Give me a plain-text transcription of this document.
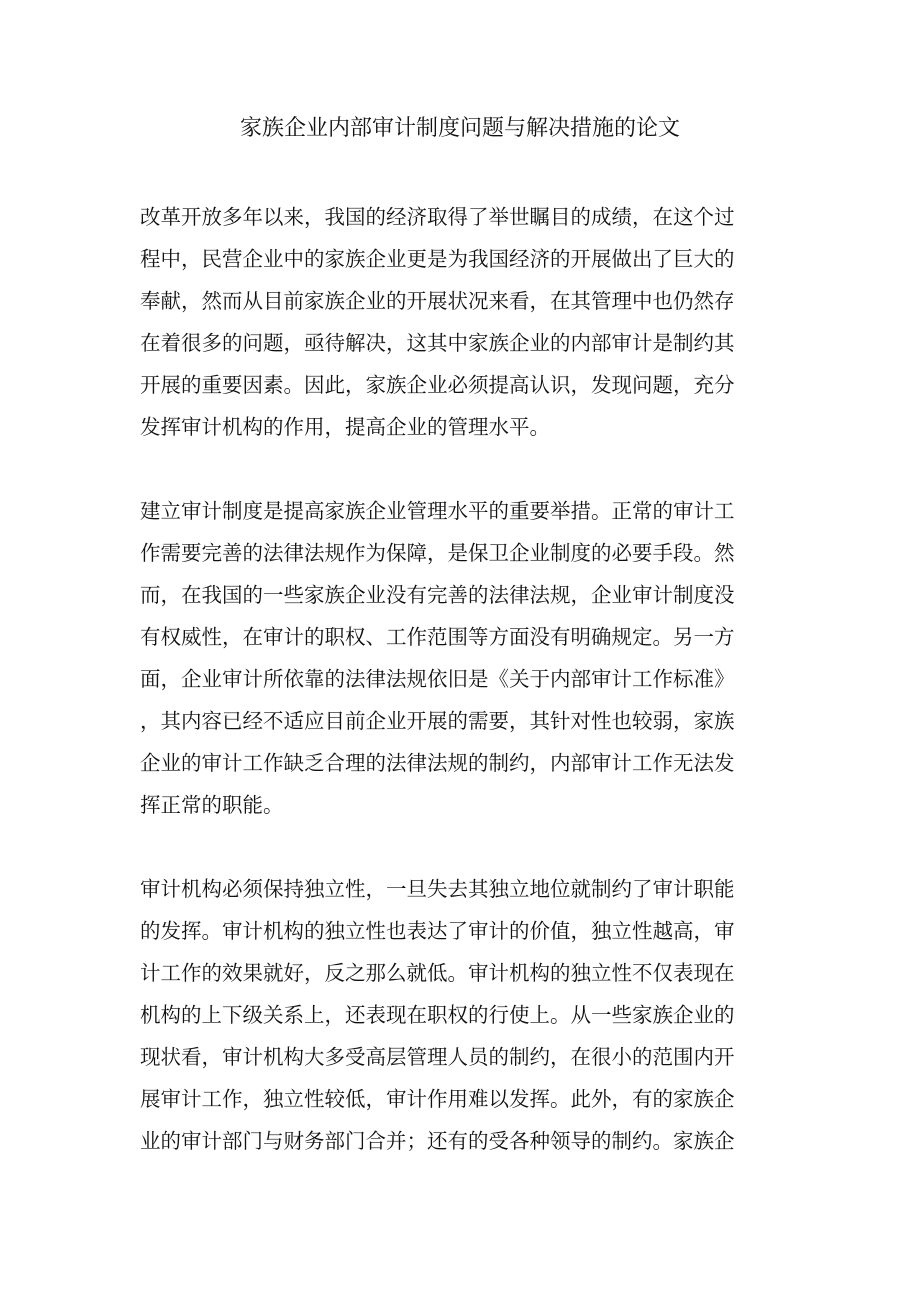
家族企业内部审计制度问题与解决措施的论文

改革开放多年以来，我国的经济取得了举世瞩目的成绩，在这个过
程中，民营企业中的家族企业更是为我国经济的开展做出了巨大的
奉献，然而从目前家族企业的开展状况来看，在其管理中也仍然存
在着很多的问题，亟待解决，这其中家族企业的内部审计是制约其
开展的重要因素。因此，家族企业必须提高认识，发现问题，充分
发挥审计机构的作用，提高企业的管理水平。

建立审计制度是提高家族企业管理水平的重要举措。正常的审计工
作需要完善的法律法规作为保障，是保卫企业制度的必要手段。然
而，在我国的一些家族企业没有完善的法律法规，企业审计制度没
有权威性，在审计的职权、工作范围等方面没有明确规定。另一方
面，企业审计所依靠的法律法规依旧是《关于内部审计工作标准》
，其内容已经不适应目前企业开展的需要，其针对性也较弱，家族
企业的审计工作缺乏合理的法律法规的制约，内部审计工作无法发
挥正常的职能。

审计机构必须保持独立性，一旦失去其独立地位就制约了审计职能
的发挥。审计机构的独立性也表达了审计的价值，独立性越高，审
计工作的效果就好，反之那么就低。审计机构的独立性不仅表现在
机构的上下级关系上，还表现在职权的行使上。从一些家族企业的
现状看，审计机构大多受高层管理人员的制约，在很小的范围内开
展审计工作，独立性较低，审计作用难以发挥。此外，有的家族企
业的审计部门与财务部门合并；还有的受各种领导的制约。家族企
